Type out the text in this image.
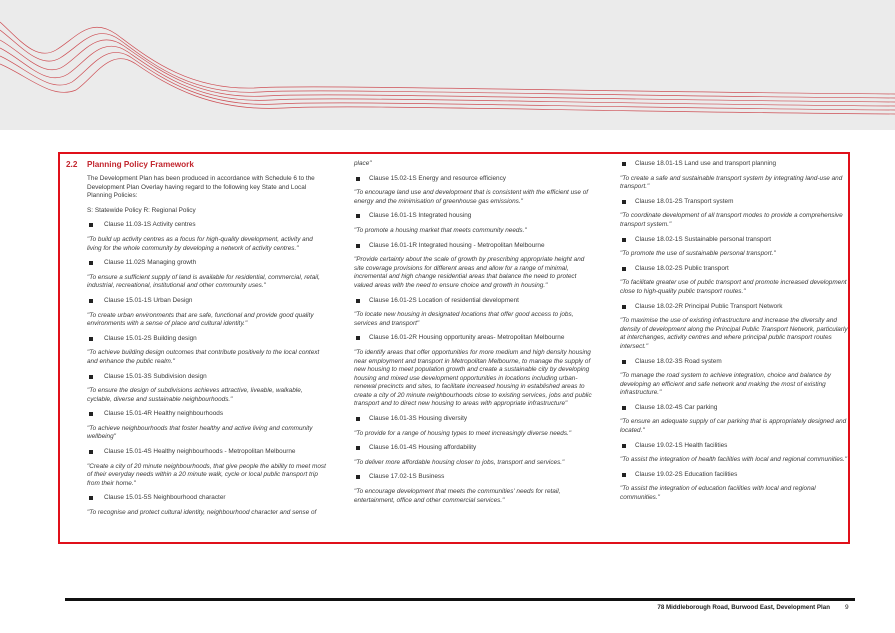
2.2	Planning Policy Framework

The Development Plan has been produced in accordance with Schedule 6 to the Development Plan Overlay having regard to the following key State and Local Planning Policies:

S: Statewide Policy R: Regional Policy

Clause 11.03-1S Activity centres

"To build up activity centres as a focus for high-quality development, activity and living for the whole community by developing a network of activity centres."

Clause 11.02S Managing growth

"To ensure a sufficient supply of land is available for residential, commercial, retail, industrial, recreational, institutional and other community uses."

Clause 15.01-1S Urban Design

"To create urban environments that are safe, functional and provide good quality environments with a sense of place and cultural identity."

Clause 15.01-2S Building design

"To achieve building design outcomes that contribute positively to the local context and enhance the public realm."

Clause 15.01-3S Subdivision design

"To ensure the design of subdivisions achieves attractive, liveable, walkable, cyclable, diverse and sustainable neighbourhoods."

Clause 15.01-4R Healthy neighbourhoods

"To achieve neighbourhoods that foster healthy and active living and community wellbeing"

Clause 15.01-4S Healthy neighbourhoods - Metropolitan Melbourne

"Create a city of 20 minute neighbourhoods, that give people the ability to meet most of their everyday needs within a 20 minute walk, cycle or local public transport trip from their home."

Clause 15.01-5S Neighbourhood character

"To recognise and protect cultural identity, neighbourhood character and sense of

place"

Clause 15.02-1S Energy and resource efficiency

"To encourage land use and development that is consistent with the efficient use of energy and the minimisation of greenhouse gas emissions."

Clause 16.01-1S Integrated housing

"To promote a housing market that meets community needs."

Clause 16.01-1R Integrated housing - Metropolitan Melbourne

"Provide certainty about the scale of growth by prescribing appropriate height and site coverage provisions for different areas and allow for a range of minimal, incremental and high change residential areas that balance the need to protect valued areas with the need to ensure choice and growth in housing."

Clause 16.01-2S Location of residential development

"To locate new housing in designated locations that offer good access to jobs, services and transport"

Clause 16.01-2R Housing opportunity areas- Metropolitan Melbourne

"To identify areas that offer opportunities for more medium and high density housing near employment and transport in Metropolitan Melbourne, to manage the supply of new housing to meet population growth and create a sustainable city by developing housing and mixed use development opportunities in locations including urban-renewal precincts and sites, to facilitate increased housing in established areas to create a city of 20 minute neighbourhoods close to existing services, jobs and public transport and to direct new housing to areas with appropriate infrastructure"

Clause 16.01-3S Housing diversity

"To provide for a range of housing types to meet increasingly diverse needs."

Clause 16.01-4S Housing affordability

"To deliver more affordable housing closer to jobs, transport and services."

Clause 17.02-1S Business

"To encourage development that meets the communities' needs for retail, entertainment, office and other commercial services."

Clause 18.01-1S Land use and transport planning

"To create a safe and sustainable transport system by integrating land-use and transport."

Clause 18.01-2S Transport system

"To coordinate development of all transport modes to provide a comprehensive transport system."

Clause 18.02-1S Sustainable personal transport

"To promote the use of sustainable personal transport."

Clause 18.02-2S Public transport

"To facilitate greater use of public transport and promote increased development close to high-quality public transport routes."

Clause 18.02-2R Principal Public Transport Network

"To maximise the use of existing infrastructure and increase the diversity and density of development along the Principal Public Transport Network, particularly at interchanges, activity centres and where principal public transport routes intersect."

Clause 18.02-3S Road system

"To manage the road system to achieve integration, choice and balance by developing an efficient and safe network and making the most of existing infrastructure."

Clause 18.02-4S Car parking

"To ensure an adequate supply of car parking that is appropriately designed and located."

Clause 19.02-1S Health facilities

"To assist the integration of health facilities with local and regional communities."

Clause 19.02-2S Education facilities

"To assist the integration of education facilities with local and regional communities."

78 Middleborough Road, Burwood East, Development Plan 9
